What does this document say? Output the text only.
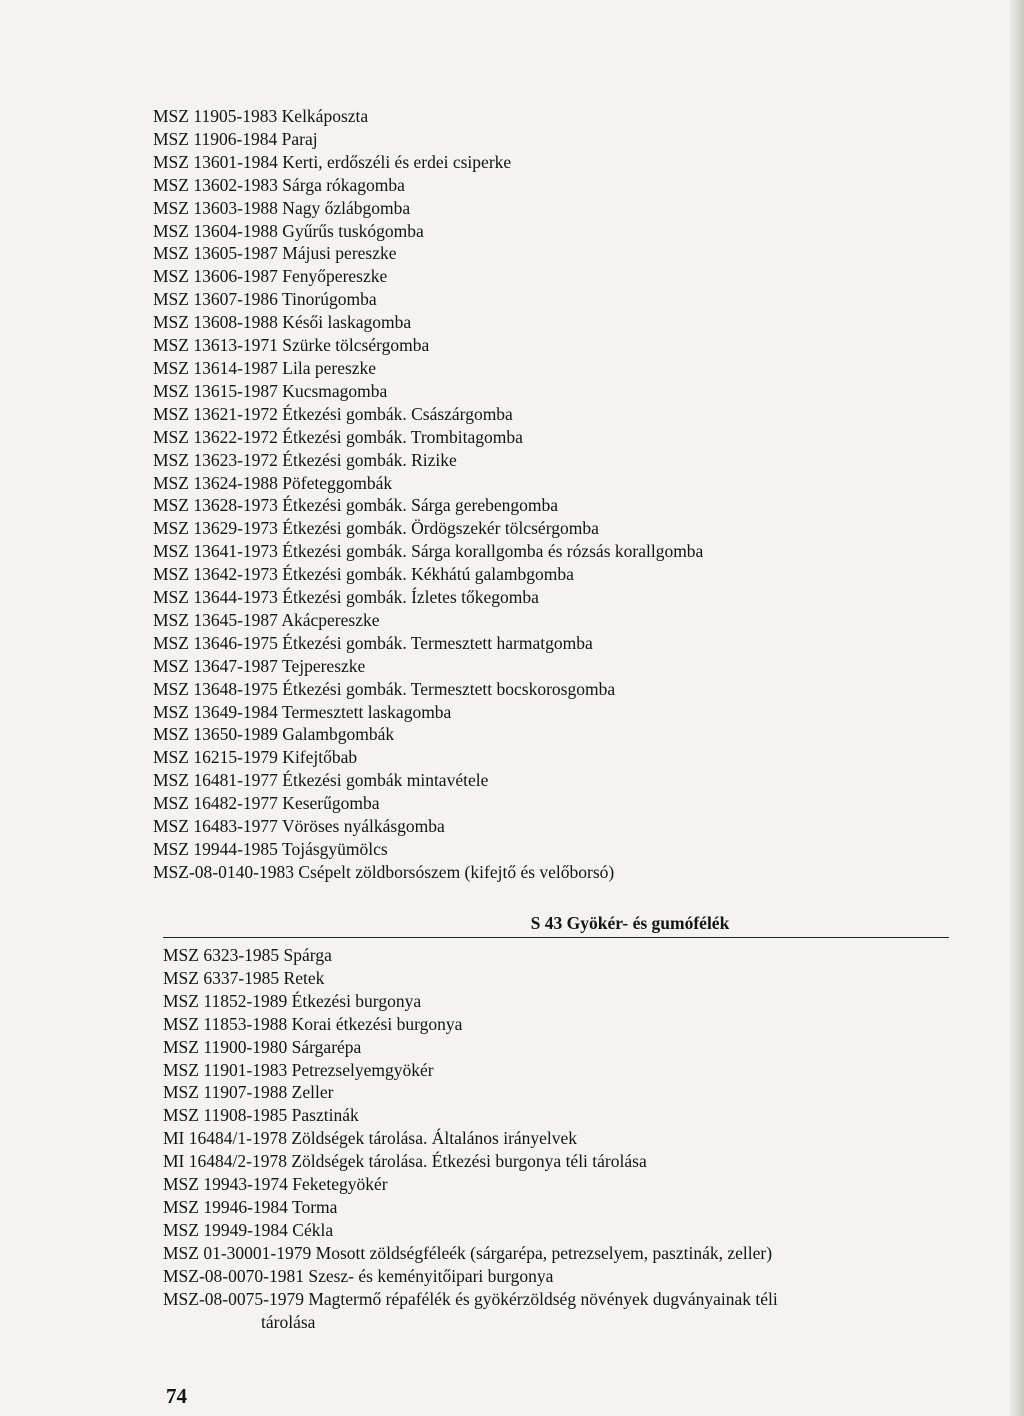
MSZ 11905-1983 Kelkáposzta
MSZ 11906-1984 Paraj
MSZ 13601-1984 Kerti, erdőszéli és erdei csiperke
MSZ 13602-1983 Sárga rókagomba
MSZ 13603-1988 Nagy őzlábgomba
MSZ 13604-1988 Gyűrűs tuskógomba
MSZ 13605-1987 Májusi pereszke
MSZ 13606-1987 Fenyőpereszke
MSZ 13607-1986 Tinorúgomba
MSZ 13608-1988 Késői laskagomba
MSZ 13613-1971 Szürke tölcsérgomba
MSZ 13614-1987 Lila pereszke
MSZ 13615-1987 Kucsmagomba
MSZ 13621-1972 Étkezési gombák. Császárgomba
MSZ 13622-1972 Étkezési gombák. Trombitagomba
MSZ 13623-1972 Étkezési gombák. Rizike
MSZ 13624-1988 Pöfeteggombák
MSZ 13628-1973 Étkezési gombák. Sárga gerebengomba
MSZ 13629-1973 Étkezési gombák. Ördögszekér tölcsérgomba
MSZ 13641-1973 Étkezési gombák. Sárga korallgomba és rózsás korallgomba
MSZ 13642-1973 Étkezési gombák. Kékhátú galambgomba
MSZ 13644-1973 Étkezési gombák. Ízletes tőkegomba
MSZ 13645-1987 Akácpereszke
MSZ 13646-1975 Étkezési gombák. Termesztett harmatgomba
MSZ 13647-1987 Tejpereszke
MSZ 13648-1975 Étkezési gombák. Termesztett bocskorosgomba
MSZ 13649-1984 Termesztett laskagomba
MSZ 13650-1989 Galambgombák
MSZ 16215-1979 Kifejtőbab
MSZ 16481-1977 Étkezési gombák mintavétele
MSZ 16482-1977 Keserűgomba
MSZ 16483-1977 Vöröses nyálkásgomba
MSZ 19944-1985 Tojásgyümölcs
MSZ-08-0140-1983 Csépelt zöldborsószem (kifejtő és velőborsó)
S 43 Gyökér- és gumófélék
MSZ 6323-1985 Spárga
MSZ 6337-1985 Retek
MSZ 11852-1989 Étkezési burgonya
MSZ 11853-1988 Korai étkezési burgonya
MSZ 11900-1980 Sárgarépa
MSZ 11901-1983 Petrezselyemgyökér
MSZ 11907-1988 Zeller
MSZ 11908-1985 Pasztinák
MI 16484/1-1978 Zöldségek tárolása. Általános irányelvek
MI 16484/2-1978 Zöldségek tárolása. Étkezési burgonya téli tárolása
MSZ 19943-1974 Feketegyökér
MSZ 19946-1984 Torma
MSZ 19949-1984 Cékla
MSZ 01-30001-1979 Mosott zöldségféleék (sárgarépa, petrezselyem, pasztinák, zeller)
MSZ-08-0070-1981 Szesz- és keményitőipari burgonya
MSZ-08-0075-1979 Magtermő répafélék és gyökérzöldség növények dugványainak téli
tárolása
74
